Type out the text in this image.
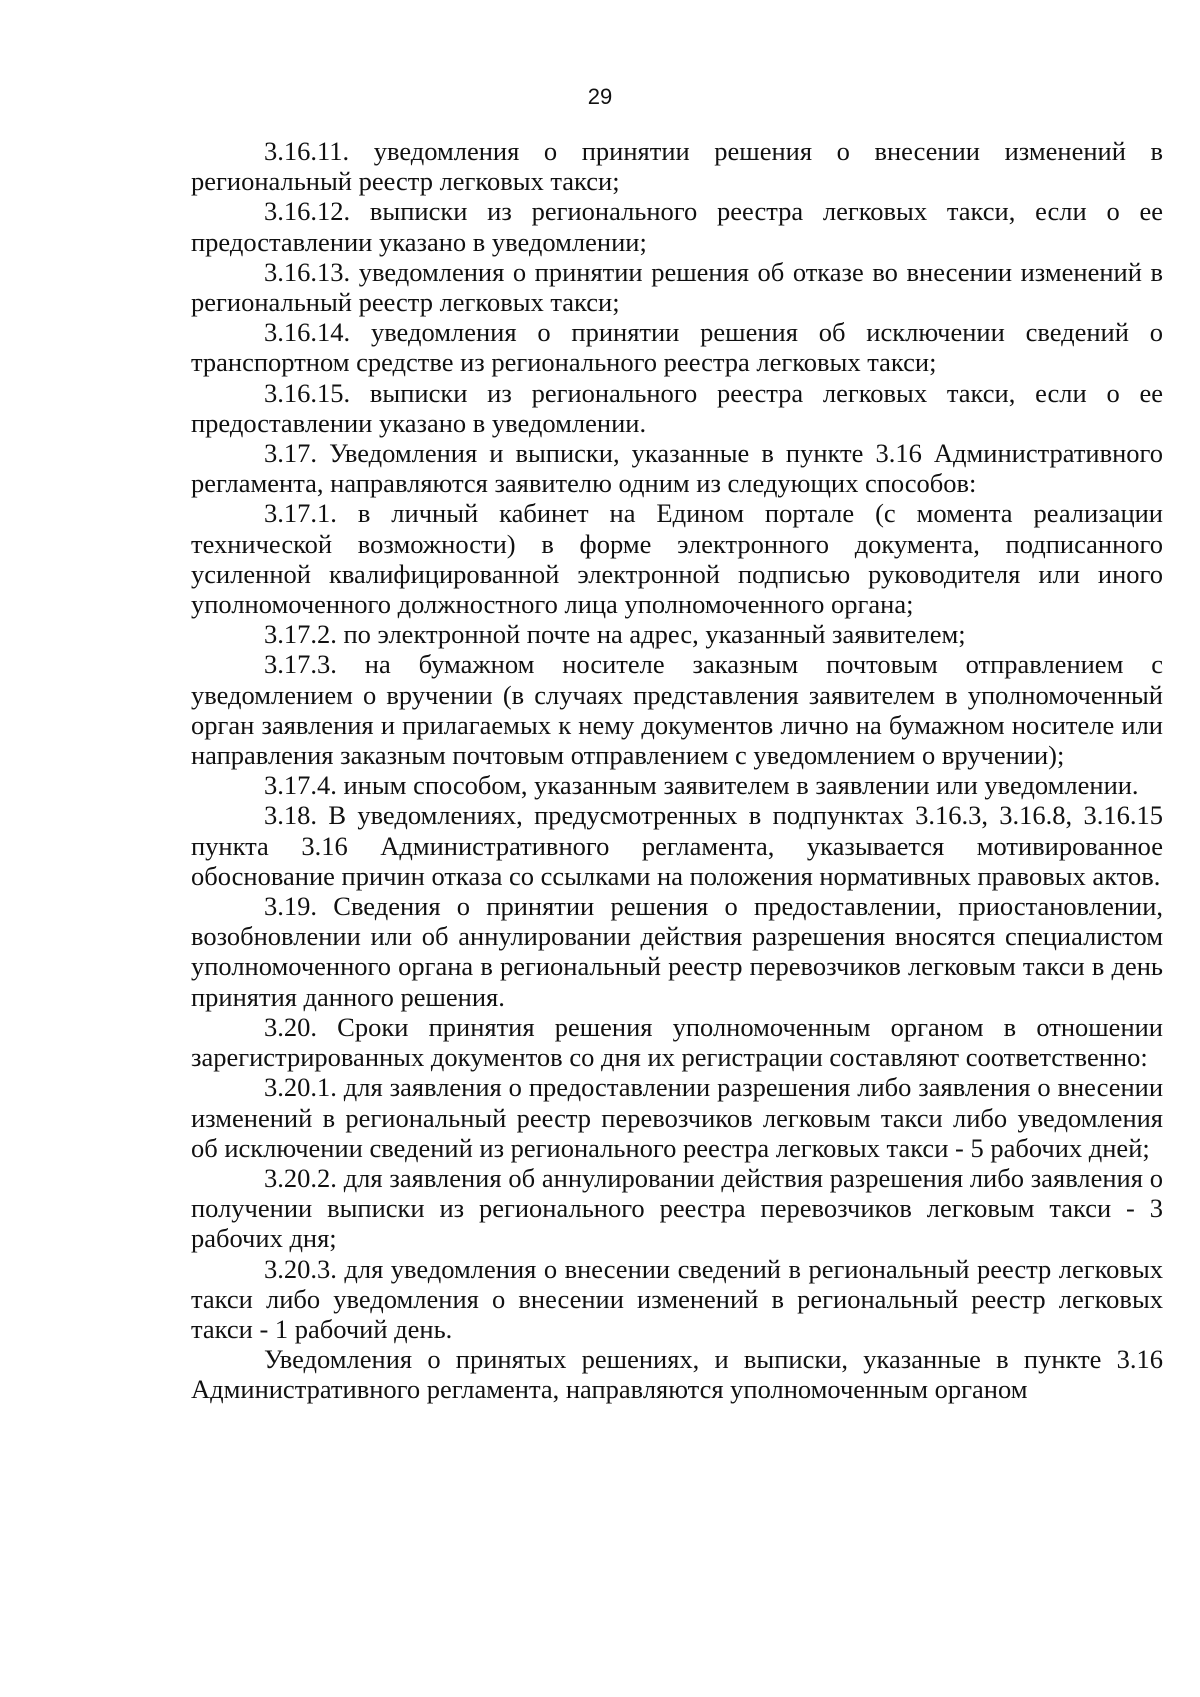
29

3.16.11. уведомления о принятии решения о внесении изменений в региональный реестр легковых такси;

3.16.12. выписки из регионального реестра легковых такси, если о ее предоставлении указано в уведомлении;

3.16.13. уведомления о принятии решения об отказе во внесении изменений в региональный реестр легковых такси;

3.16.14. уведомления о принятии решения об исключении сведений о транспортном средстве из регионального реестра легковых такси;

3.16.15. выписки из регионального реестра легковых такси, если о ее предоставлении указано в уведомлении.

3.17. Уведомления и выписки, указанные в пункте 3.16 Административного регламента, направляются заявителю одним из следующих способов:

3.17.1. в личный кабинет на Едином портале (с момента реализации технической возможности) в форме электронного документа, подписанного усиленной квалифицированной электронной подписью руководителя или иного уполномоченного должностного лица уполномоченного органа;

3.17.2. по электронной почте на адрес, указанный заявителем;

3.17.3. на бумажном носителе заказным почтовым отправлением с уведомлением о вручении (в случаях представления заявителем в уполномоченный орган заявления и прилагаемых к нему документов лично на бумажном носителе или направления заказным почтовым отправлением с уведомлением о вручении);

3.17.4. иным способом, указанным заявителем в заявлении или уведомлении.

3.18. В уведомлениях, предусмотренных в подпунктах 3.16.3, 3.16.8, 3.16.15 пункта 3.16 Административного регламента, указывается мотивированное обоснование причин отказа со ссылками на положения нормативных правовых актов.

3.19. Сведения о принятии решения о предоставлении, приостановлении, возобновлении или об аннулировании действия разрешения вносятся специалистом уполномоченного органа в региональный реестр перевозчиков легковым такси в день принятия данного решения.

3.20. Сроки принятия решения уполномоченным органом в отношении зарегистрированных документов со дня их регистрации составляют соответственно:

3.20.1. для заявления о предоставлении разрешения либо заявления о внесении изменений в региональный реестр перевозчиков легковым такси либо уведомления об исключении сведений из регионального реестра легковых такси - 5 рабочих дней;

3.20.2. для заявления об аннулировании действия разрешения либо заявления о получении выписки из регионального реестра перевозчиков легковым такси - 3 рабочих дня;

3.20.3. для уведомления о внесении сведений в региональный реестр легковых такси либо уведомления о внесении изменений в региональный реестр легковых такси - 1 рабочий день.

Уведомления о принятых решениях, и выписки, указанные в пункте 3.16 Административного регламента, направляются уполномоченным органом
